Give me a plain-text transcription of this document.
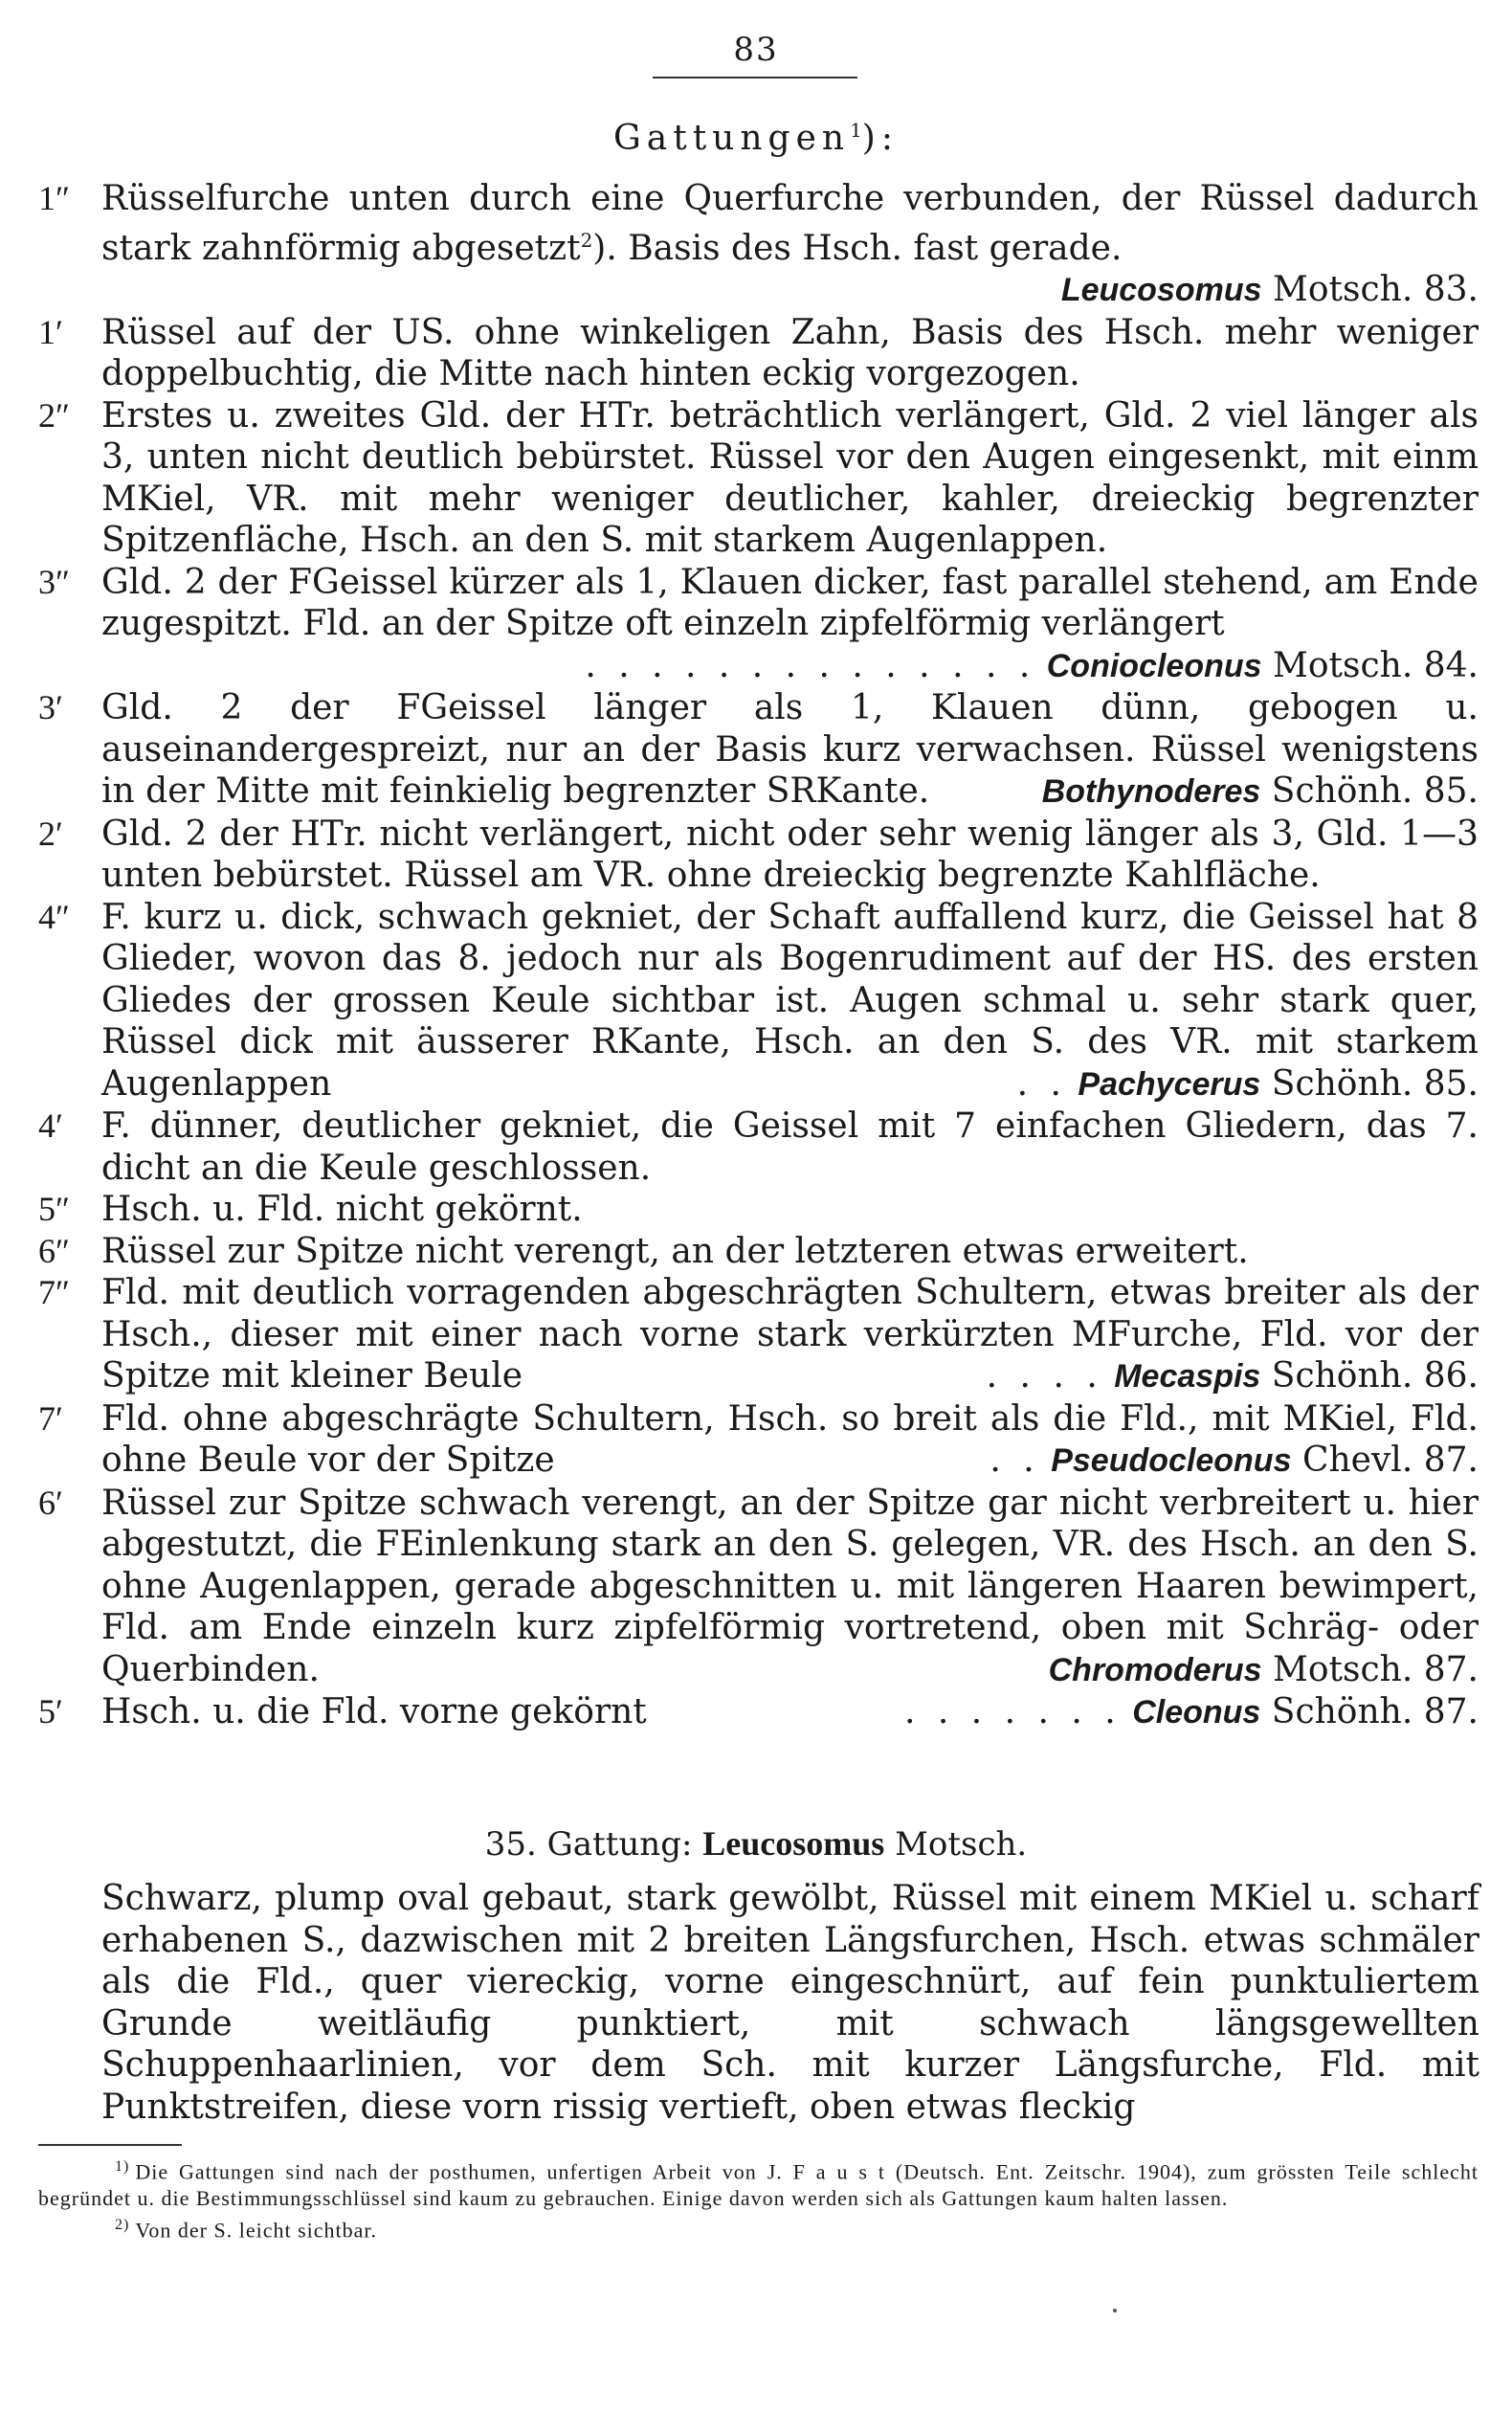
83
Gattungen$^1$):
1″ Rüsselfurche unten durch eine Querfurche verbunden, der Rüssel dadurch stark zahnförmig abgesetzt$^2$). Basis des Hsch. fast gerade.
Leucosomus Motsch. 83.
1′	Rüssel auf der US. ohne winkeligen Zahn, Basis des Hsch. mehr weniger doppelbuchtig, die Mitte nach hinten eckig vorgezogen.
2″ Erstes u. zweites Gld. der HTr. beträchtlich verlängert, Gld. 2 viel länger als 3, unten nicht deutlich bebürstet. Rüssel vor den Augen eingesenkt, mit einm MKiel, VR. mit mehr weniger deutlicher, kahler, dreieckig begrenzter Spitzenfläche, Hsch. an den S. mit starkem Augenlappen.
3″ Gld. 2 der FGeissel kürzer als 1, Klauen dicker, fast parallel stehend, am Ende zugespitzt. Fld. an der Spitze oft einzeln zipfelförmig verlängert
. . . . . . . . . . . . . . Coniocleonus Motsch. 84.
3′	Gld. 2 der FGeissel länger als 1, Klauen dünn, gebogen u. auseinandergespreizt, nur an der Basis kurz verwachsen. Rüssel wenigstens in der Mitte mit feinkielig begrenzter SRKante.	Bothynoderes Schönh. 85.
2′	Gld. 2 der HTr. nicht verlängert, nicht oder sehr wenig länger als 3, Gld. 1—3 unten bebürstet. Rüssel am VR. ohne dreieckig begrenzte Kahlfläche.
4″ F. kurz u. dick, schwach gekniet, der Schaft auffallend kurz, die Geissel hat 8 Glieder, wovon das 8. jedoch nur als Bogenrudiment auf der HS. des ersten Gliedes der grossen Keule sichtbar ist. Augen schmal u. sehr stark quer, Rüssel dick mit äusserer RKante, Hsch. an den S. des VR. mit starkem Augenlappen	. . Pachycerus Schönh. 85.
4′	F. dünner, deutlicher gekniet, die Geissel mit 7 einfachen Gliedern, das 7. dicht an die Keule geschlossen.
5″ Hsch. u. Fld. nicht gekörnt.
6″ Rüssel zur Spitze nicht verengt, an der letzteren etwas erweitert.
7″ Fld. mit deutlich vorragenden abgeschrägten Schultern, etwas breiter als der Hsch., dieser mit einer nach vorne stark verkürzten MFurche, Fld. vor der Spitze mit kleiner Beule	. . . . Mecaspis Schönh. 86.
7′	Fld. ohne abgeschrägte Schultern, Hsch. so breit als die Fld., mit MKiel, Fld. ohne Beule vor der Spitze	. . Pseudocleonus Chevl. 87.
6′	Rüssel zur Spitze schwach verengt, an der Spitze gar nicht verbreitert u. hier abgestutzt, die FEinlenkung stark an den S. gelegen, VR. des Hsch. an den S. ohne Augenlappen, gerade abgeschnitten u. mit längeren Haaren bewimpert, Fld. am Ende einzeln kurz zipfelförmig vortretend, oben mit Schräg- oder Querbinden.	Chromoderus Motsch. 87.
5′	Hsch. u. die Fld. vorne gekörnt	. . . . . . . Cleonus Schönh. 87.
35. Gattung: Leucosomus Motsch.
Schwarz, plump oval gebaut, stark gewölbt, Rüssel mit einem MKiel u. scharf erhabenen S., dazwischen mit 2 breiten Längsfurchen, Hsch. etwas schmäler als die Fld., quer viereckig, vorne eingeschnürt, auf fein punktuliertem Grunde weitläufig punktiert, mit schwach längsgewellten Schuppenhaarlinien, vor dem Sch. mit kurzer Längsfurche, Fld. mit Punktstreifen, diese vorn rissig vertieft, oben etwas fleckig
$^{1)}$ Die Gattungen sind nach der posthumen, unfertigen Arbeit von J. F a u s t (Deutsch. Ent. Zeitschr. 1904), zum grössten Teile schlecht begründet u. die Bestimmungsschlüssel sind kaum zu gebrauchen. Einige davon werden sich als Gattungen kaum halten lassen.
$^{2)}$ Von der S. leicht sichtbar.
